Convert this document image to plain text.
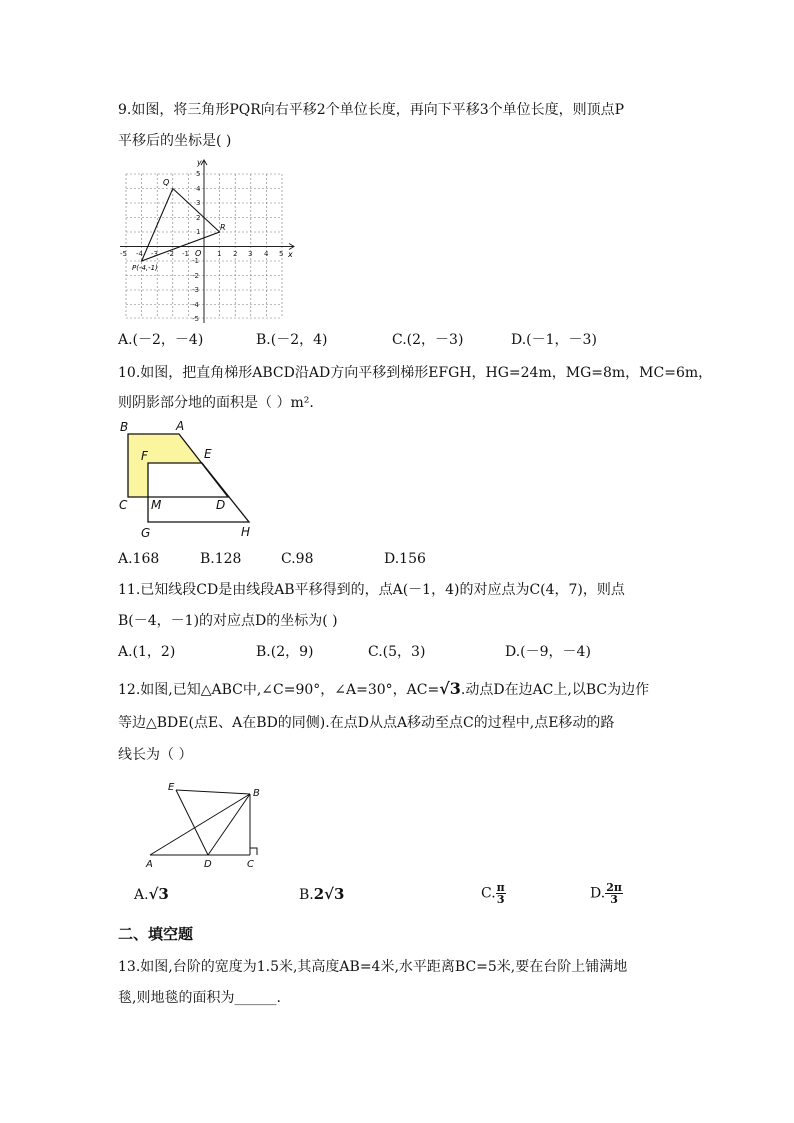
9.如图，将三角形PQR向右平移2个单位长度，再向下平移3个单位长度，则顶点P
平移后的坐标是( )
y
x
O
-5 -4 -3 -2 -1	1 2 3 4 5
5
4
3
2
1
-1
-2
-3
-4
-5
Q
R
P(-4,-1)
A.(－2，－4)	B.(－2，4)	C.(2，－3)	D.(－1，－3)
10.如图，把直角梯形ABCD沿AD方向平移到梯形EFGH，HG=24m，MG=8m，MC=6m，
则阴影部分地的面积是（ ）m².
B	A
F	E
C M	D
G	H
A.168	B.128	C.98	D.156
11.已知线段CD是由线段AB平移得到的，点A(－1，4)的对应点为C(4，7)，则点
B(－4，－1)的对应点D的坐标为( )
A.(1，2)	B.(2，9)	C.(5，3)	D.(－9，－4)
12.如图,已知△ABC中,∠C=90°，∠A=30°，AC=√3.动点D在边AC上,以BC为边作
等边△BDE(点E、A在BD的同侧).在点D从点A移动至点C的过程中,点E移动的路
线长为（ ）
E
B
A	D	C
A.√3	B.2√3	C. $\frac{\pi}{3}$	D. $\frac{2\pi}{3}$
二、填空题
13.如图,台阶的宽度为1.5米,其高度AB=4米,水平距离BC=5米,要在台阶上铺满地
毯,则地毯的面积为______.
